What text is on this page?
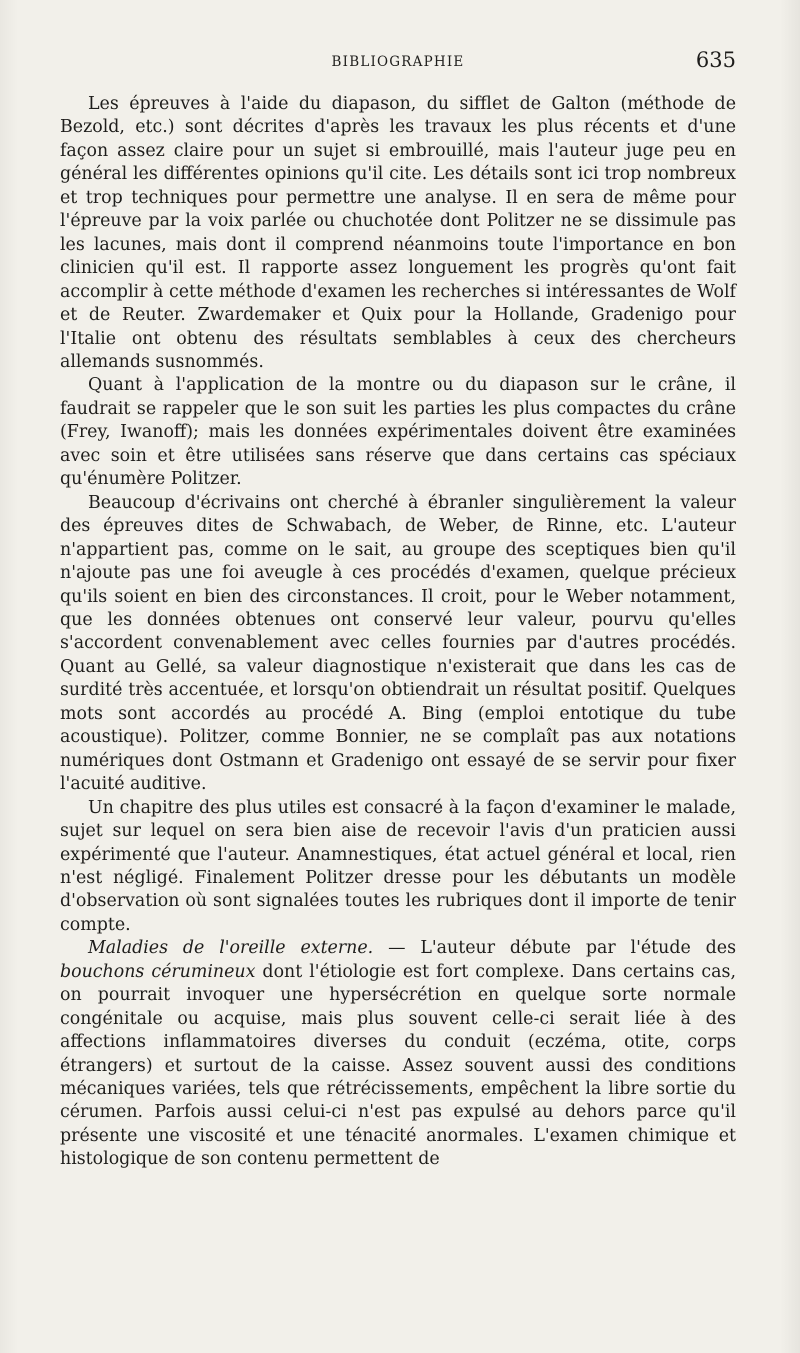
BIBLIOGRAPHIE	635

Les épreuves à l'aide du diapason, du sifflet de Galton (méthode de Bezold, etc.) sont décrites d'après les travaux les plus récents et d'une façon assez claire pour un sujet si embrouillé, mais l'auteur juge peu en général les différentes opinions qu'il cite. Les détails sont ici trop nombreux et trop techniques pour permettre une analyse. Il en sera de même pour l'épreuve par la voix parlée ou chuchotée dont Politzer ne se dissimule pas les lacunes, mais dont il comprend néanmoins toute l'importance en bon clinicien qu'il est. Il rapporte assez longuement les progrès qu'ont fait accomplir à cette méthode d'examen les recherches si intéressantes de Wolf et de Reuter. Zwardemaker et Quix pour la Hollande, Gradenigo pour l'Italie ont obtenu des résultats semblables à ceux des chercheurs allemands susnommés.

Quant à l'application de la montre ou du diapason sur le crâne, il faudrait se rappeler que le son suit les parties les plus compactes du crâne (Frey, Iwanoff); mais les données expérimentales doivent être examinées avec soin et être utilisées sans réserve que dans certains cas spéciaux qu'énumère Politzer.

Beaucoup d'écrivains ont cherché à ébranler singulièrement la valeur des épreuves dites de Schwabach, de Weber, de Rinne, etc. L'auteur n'appartient pas, comme on le sait, au groupe des sceptiques bien qu'il n'ajoute pas une foi aveugle à ces procédés d'examen, quelque précieux qu'ils soient en bien des circonstances. Il croit, pour le Weber notamment, que les données obtenues ont conservé leur valeur, pourvu qu'elles s'accordent convenablement avec celles fournies par d'autres procédés. Quant au Gellé, sa valeur diagnostique n'existerait que dans les cas de surdité très accentuée, et lorsqu'on obtiendrait un résultat positif. Quelques mots sont accordés au procédé A. Bing (emploi entotique du tube acoustique). Politzer, comme Bonnier, ne se complaît pas aux notations numériques dont Ostmann et Gradenigo ont essayé de se servir pour fixer l'acuité auditive.

Un chapitre des plus utiles est consacré à la façon d'examiner le malade, sujet sur lequel on sera bien aise de recevoir l'avis d'un praticien aussi expérimenté que l'auteur. Anamnestiques, état actuel général et local, rien n'est négligé. Finalement Politzer dresse pour les débutants un modèle d'observation où sont signalées toutes les rubriques dont il importe de tenir compte.

Maladies de l'oreille externe. — L'auteur débute par l'étude des bouchons cérumineux dont l'étiologie est fort complexe. Dans certains cas, on pourrait invoquer une hypersécrétion en quelque sorte normale congénitale ou acquise, mais plus souvent celle-ci serait liée à des affections inflammatoires diverses du conduit (eczéma, otite, corps étrangers) et surtout de la caisse. Assez souvent aussi des conditions mécaniques variées, tels que rétrécissements, empêchent la libre sortie du cérumen. Parfois aussi celui-ci n'est pas expulsé au dehors parce qu'il présente une viscosité et une ténacité anormales. L'examen chimique et histologique de son contenu permettent de
